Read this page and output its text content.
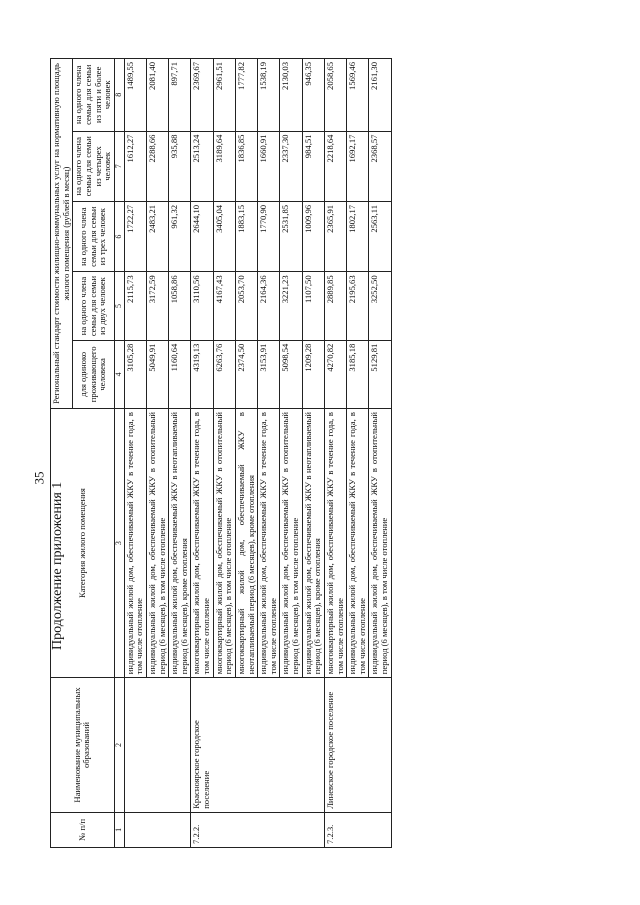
35
Продолжение приложения 1
№ п/п	Наименование муниципальных образований	Категория жилого помещения	Региональный стандарт стоимости жилищно-коммунальных услуг на нормативную площадь жилого помещения (рублей в месяц)				
			для одиноко проживающего человека	на одного члена семьи для семьи из двух человек	на одного члена семьи для семьи из трех человек	на одного члена семьи для семьи из четырех человек	на одного члена семьи для семьи из пяти и более человек
1	2	3	4	5	6	7	8
		индивидуальный жилой дом, обеспечиваемый ЖКУ в течение года, в том числе отопление	3105,28	2115,73	1722,27	1612,27	1489,55
		индивидуальный жилой дом, обеспечиваемый ЖКУ в отопительный период (6 месяцев), в том числе отопление	5049,91	3172,59	2483,21	2288,66	2081,40
		индивидуальный жилой дом, обеспечиваемый ЖКУ в неотапливаемый период (6 месяцев), кроме отопления	1160,64	1058,86	961,32	935,88	897,71
7.2.2.	Красноярское городское поселение	многоквартирный жилой дом, обеспечиваемый ЖКУ в течение года, в том числе отопление	4319,13	3110,56	2644,10	2513,24	2369,67
		многоквартирный жилой дом, обеспечиваемый ЖКУ в отопительный период (6 месяцев), в том числе отопление	6263,76	4167,43	3405,04	3189,64	2961,51
		многоквартирный жилой дом, обеспечиваемый ЖКУ в неотапливаемый период (6 месяцев), кроме отопления	2374,50	2053,70	1883,15	1836,85	1777,82
		индивидуальный жилой дом, обеспечиваемый ЖКУ в течение года, в том числе отопление	3153,91	2164,36	1770,90	1660,91	1538,19
		индивидуальный жилой дом, обеспечиваемый ЖКУ в отопительный период (6 месяцев), в том числе отопление	5098,54	3221,23	2531,85	2337,30	2130,03
		индивидуальный жилой дом, обеспечиваемый ЖКУ в неотапливаемый период (6 месяцев), кроме отопления	1209,28	1107,50	1009,96	984,51	946,35
7.2.3.	Линевское городское поселение	многоквартирный жилой дом, обеспечиваемый ЖКУ в течение года, в том числе отопление	4270,82	2889,85	2365,91	2218,64	2058,65
		индивидуальный жилой дом, обеспечиваемый ЖКУ в течение года, в том числе отопление	3185,18	2195,63	1802,17	1692,17	1569,46
		индивидуальный жилой дом, обеспечиваемый ЖКУ в отопительный период (6 месяцев), в том числе отопление	5129,81	3252,50	2563,11	2368,57	2161,30
